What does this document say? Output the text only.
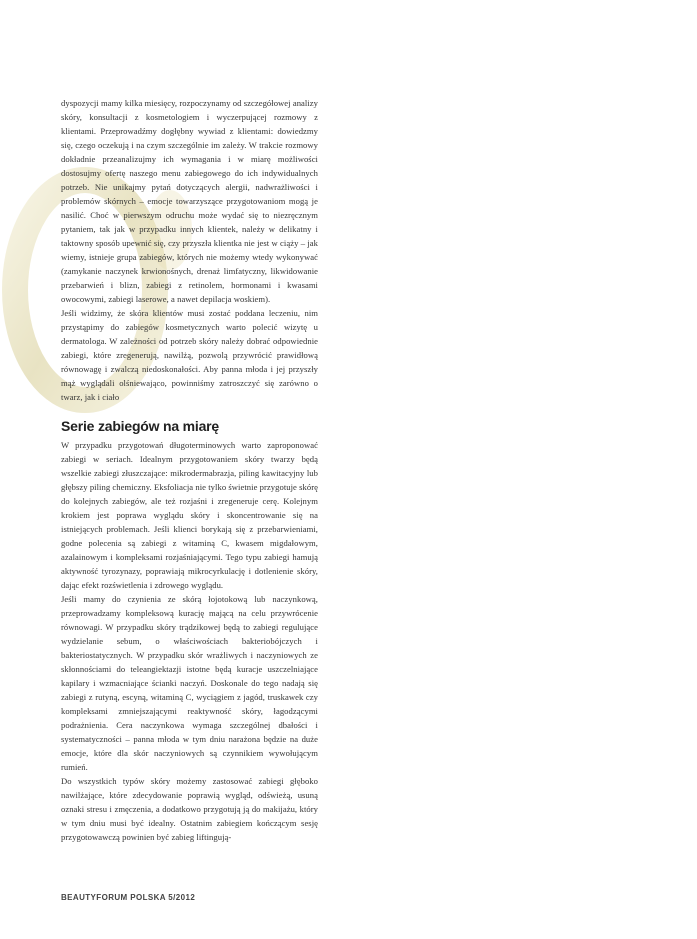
dyspozycji mamy kilka miesięcy, rozpoczynamy od szczegółowej analizy skóry, konsultacji z kosmetologiem i wyczerpującej rozmowy z klientami. Przeprowadźmy dogłębny wywiad z klientami: dowiedzmy się, czego oczekują i na czym szczególnie im zależy. W trakcie rozmowy dokładnie przeanalizujmy ich wymagania i w miarę możliwości dostosujmy ofertę naszego menu zabiegowego do ich indywidualnych potrzeb. Nie unikajmy pytań dotyczących alergii, nadwrażliwości i problemów skórnych – emocje towarzyszące przygotowaniom mogą je nasilić. Choć w pierwszym odruchu może wydać się to niezręcznym pytaniem, tak jak w przypadku innych klientek, należy w delikatny i taktowny sposób upewnić się, czy przyszła klientka nie jest w ciąży – jak wiemy, istnieje grupa zabiegów, których nie możemy wtedy wykonywać (zamykanie naczynek krwionośnych, drenaż limfatyczny, likwidowanie przebarwień i blizn, zabiegi z retinolem, hormonami i kwasami owocowymi, zabiegi laserowe, a nawet depilacja woskiem).

Jeśli widzimy, że skóra klientów musi zostać poddana leczeniu, nim przystąpimy do zabiegów kosmetycznych warto polecić wizytę u dermatologa. W zależności od potrzeb skóry należy dobrać odpowiednie zabiegi, które zregenerują, nawilżą, pozwolą przywrócić prawidłową równowagę i zwalczą niedoskonałości. Aby panna młoda i jej przyszły mąż wyglądali olśniewająco, powinniśmy zatroszczyć się zarówno o twarz, jak i ciało

Serie zabiegów na miarę

W przypadku przygotowań długoterminowych warto zaproponować zabiegi w seriach. Idealnym przygotowaniem skóry twarzy będą wszelkie zabiegi złuszczające: mikrodermabrazja, piling kawitacyjny lub głębszy piling chemiczny. Eksfoliacja nie tylko świetnie przygotuje skórę do kolejnych zabiegów, ale też rozjaśni i zregeneruje cerę. Kolejnym krokiem jest poprawa wyglądu skóry i skoncentrowanie się na istniejących problemach. Jeśli klienci borykają się z przebarwieniami, godne polecenia są zabiegi z witaminą C, kwasem migdałowym, azalainowym i kompleksami rozjaśniającymi. Tego typu zabiegi hamują aktywność tyrozynazy, poprawiają mikrocyrkulację i dotlenienie skóry, dając efekt rozświetlenia i zdrowego wyglądu.

Jeśli mamy do czynienia ze skórą łojotokową lub naczynkową, przeprowadzamy kompleksową kurację mającą na celu przywrócenie równowagi. W przypadku skóry trądzikowej będą to zabiegi regulujące wydzielanie sebum, o właściwościach bakteriobójczych i bakteriostatycznych. W przypadku skór wrażliwych i naczyniowych ze skłonnościami do teleangiektazji istotne będą kuracje uszczelniające kapilary i wzmacniające ścianki naczyń. Doskonale do tego nadają się zabiegi z rutyną, escyną, witaminą C, wyciągiem z jagód, truskawek czy kompleksami zmniejszającymi reaktywność skóry, łagodzącymi podrażnienia. Cera naczynkowa wymaga szczególnej dbałości i systematyczności – panna młoda w tym dniu narażona będzie na duże emocje, które dla skór naczyniowych są czynnikiem wywołującym rumień.

Do wszystkich typów skóry możemy zastosować zabiegi głęboko nawilżające, które zdecydowanie poprawią wygląd, odświeżą, usuną oznaki stresu i zmęczenia, a dodatkowo przygotują ją do makijażu, który w tym dniu musi być idealny. Ostatnim zabiegiem kończącym sesję przygotowawczą powinien być zabieg liftingują-

BEAUTYFORUM POLSKA 5/2012
